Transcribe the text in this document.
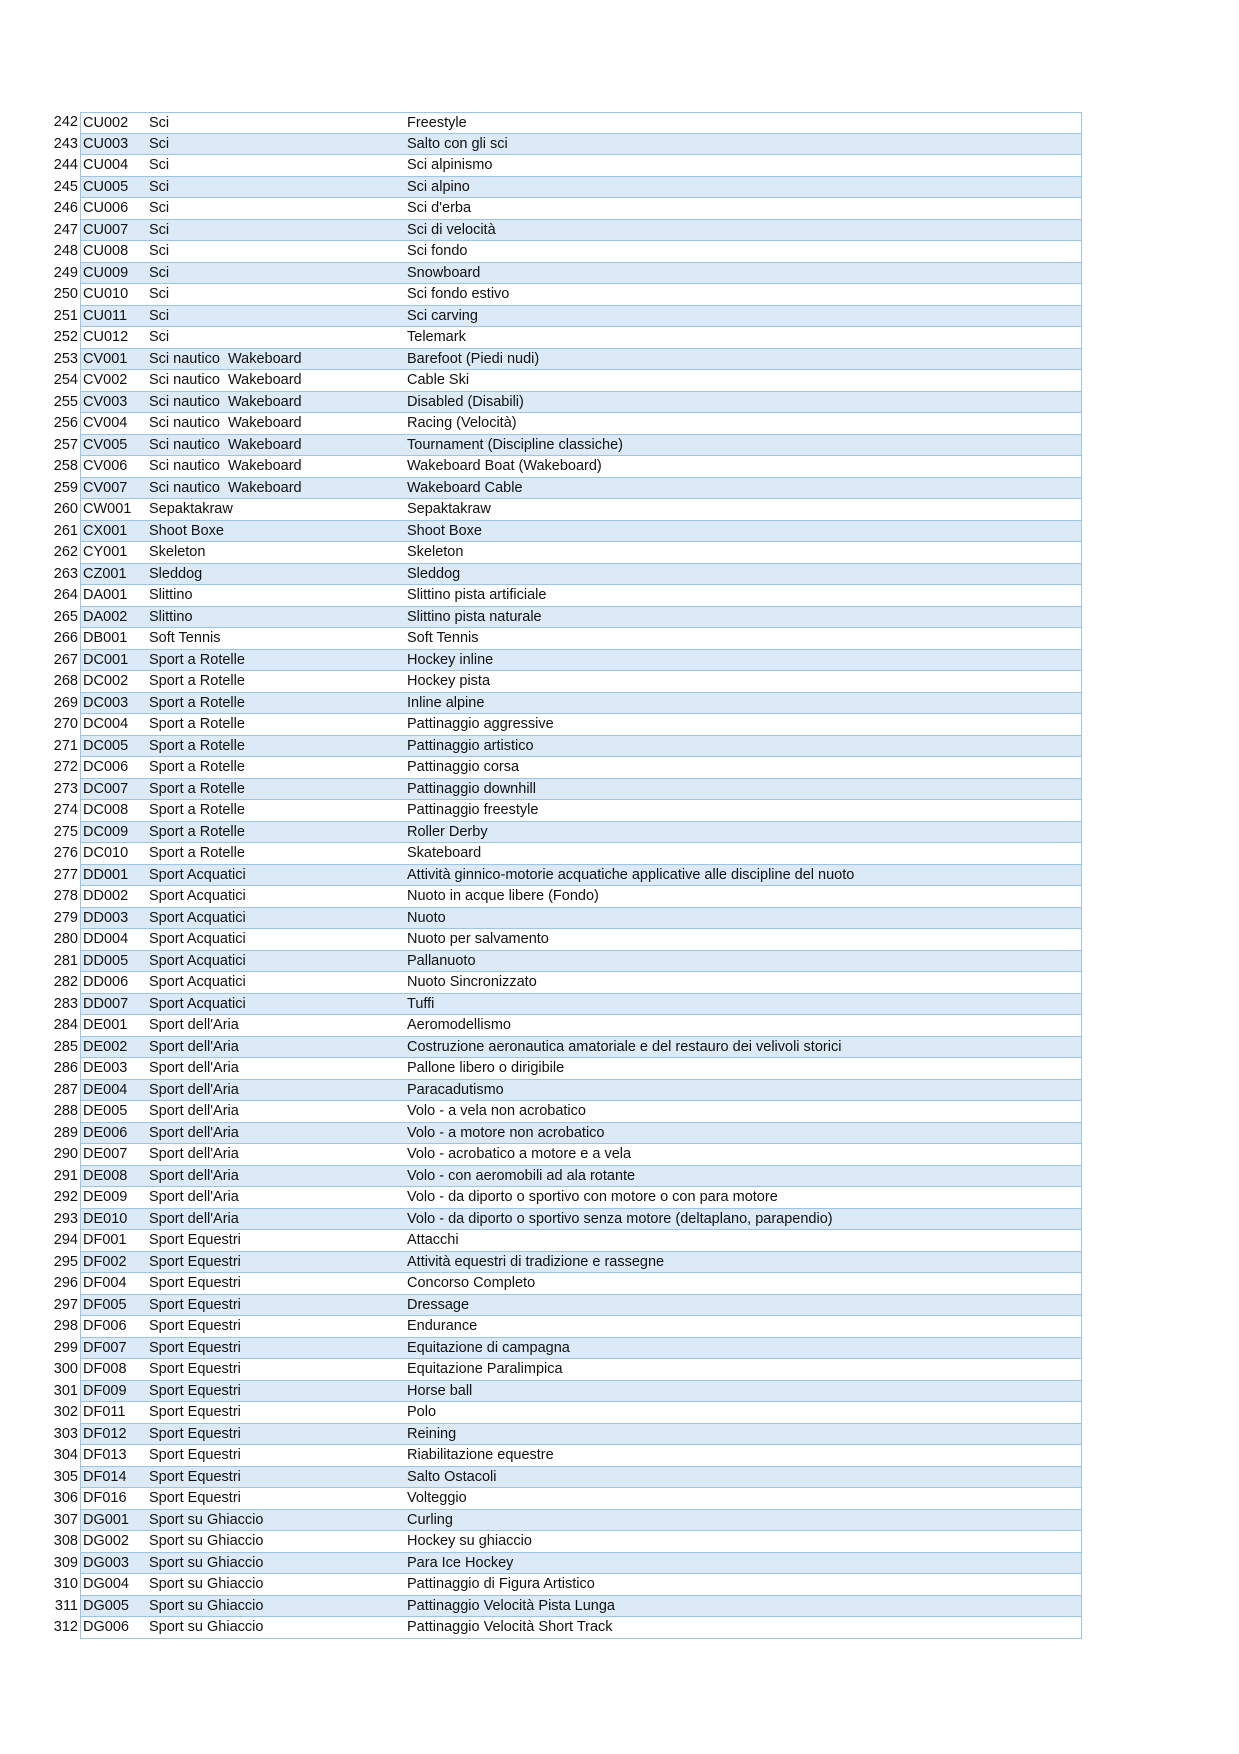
242 CU002	Sci	Freestyle
243 CU003	Sci	Salto con gli sci
244 CU004	Sci	Sci alpinismo
245 CU005	Sci	Sci alpino
246 CU006	Sci	Sci d'erba
247 CU007	Sci	Sci di velocità
248 CU008	Sci	Sci fondo
249 CU009	Sci	Snowboard
250 CU010	Sci	Sci fondo estivo
251 CU011	Sci	Sci carving
252 CU012	Sci	Telemark
253 CV001	Sci nautico  Wakeboard	Barefoot (Piedi nudi)
254 CV002	Sci nautico  Wakeboard	Cable Ski
255 CV003	Sci nautico  Wakeboard	Disabled (Disabili)
256 CV004	Sci nautico  Wakeboard	Racing (Velocità)
257 CV005	Sci nautico  Wakeboard	Tournament (Discipline classiche)
258 CV006	Sci nautico  Wakeboard	Wakeboard Boat (Wakeboard)
259 CV007	Sci nautico  Wakeboard	Wakeboard Cable
260 CW001	Sepaktakraw	Sepaktakraw
261 CX001	Shoot Boxe	Shoot Boxe
262 CY001	Skeleton	Skeleton
263 CZ001	Sleddog	Sleddog
264 DA001	Slittino	Slittino pista artificiale
265 DA002	Slittino	Slittino pista naturale
266 DB001	Soft Tennis	Soft Tennis
267 DC001	Sport a Rotelle	Hockey inline
268 DC002	Sport a Rotelle	Hockey pista
269 DC003	Sport a Rotelle	Inline alpine
270 DC004	Sport a Rotelle	Pattinaggio aggressive
271 DC005	Sport a Rotelle	Pattinaggio artistico
272 DC006	Sport a Rotelle	Pattinaggio corsa
273 DC007	Sport a Rotelle	Pattinaggio downhill
274 DC008	Sport a Rotelle	Pattinaggio freestyle
275 DC009	Sport a Rotelle	Roller Derby
276 DC010	Sport a Rotelle	Skateboard
277 DD001	Sport Acquatici	Attività ginnico-motorie acquatiche applicative alle discipline del nuoto
278 DD002	Sport Acquatici	Nuoto in acque libere (Fondo)
279 DD003	Sport Acquatici	Nuoto
280 DD004	Sport Acquatici	Nuoto per salvamento
281 DD005	Sport Acquatici	Pallanuoto
282 DD006	Sport Acquatici	Nuoto Sincronizzato
283 DD007	Sport Acquatici	Tuffi
284 DE001	Sport dell'Aria	Aeromodellismo
285 DE002	Sport dell'Aria	Costruzione aeronautica amatoriale e del restauro dei velivoli storici
286 DE003	Sport dell'Aria	Pallone libero o dirigibile
287 DE004	Sport dell'Aria	Paracadutismo
288 DE005	Sport dell'Aria	Volo - a vela non acrobatico
289 DE006	Sport dell'Aria	Volo - a motore non acrobatico
290 DE007	Sport dell'Aria	Volo - acrobatico a motore e a vela
291 DE008	Sport dell'Aria	Volo - con aeromobili ad ala rotante
292 DE009	Sport dell'Aria	Volo - da diporto o sportivo con motore o con para motore
293 DE010	Sport dell'Aria	Volo - da diporto o sportivo senza motore (deltaplano, parapendio)
294 DF001	Sport Equestri	Attacchi
295 DF002	Sport Equestri	Attività equestri di tradizione e rassegne
296 DF004	Sport Equestri	Concorso Completo
297 DF005	Sport Equestri	Dressage
298 DF006	Sport Equestri	Endurance
299 DF007	Sport Equestri	Equitazione di campagna
300 DF008	Sport Equestri	Equitazione Paralimpica
301 DF009	Sport Equestri	Horse ball
302 DF011	Sport Equestri	Polo
303 DF012	Sport Equestri	Reining
304 DF013	Sport Equestri	Riabilitazione equestre
305 DF014	Sport Equestri	Salto Ostacoli
306 DF016	Sport Equestri	Volteggio
307 DG001	Sport su Ghiaccio	Curling
308 DG002	Sport su Ghiaccio	Hockey su ghiaccio
309 DG003	Sport su Ghiaccio	Para Ice Hockey
310 DG004	Sport su Ghiaccio	Pattinaggio di Figura Artistico
311 DG005	Sport su Ghiaccio	Pattinaggio Velocità Pista Lunga
312 DG006	Sport su Ghiaccio	Pattinaggio Velocità Short Track
